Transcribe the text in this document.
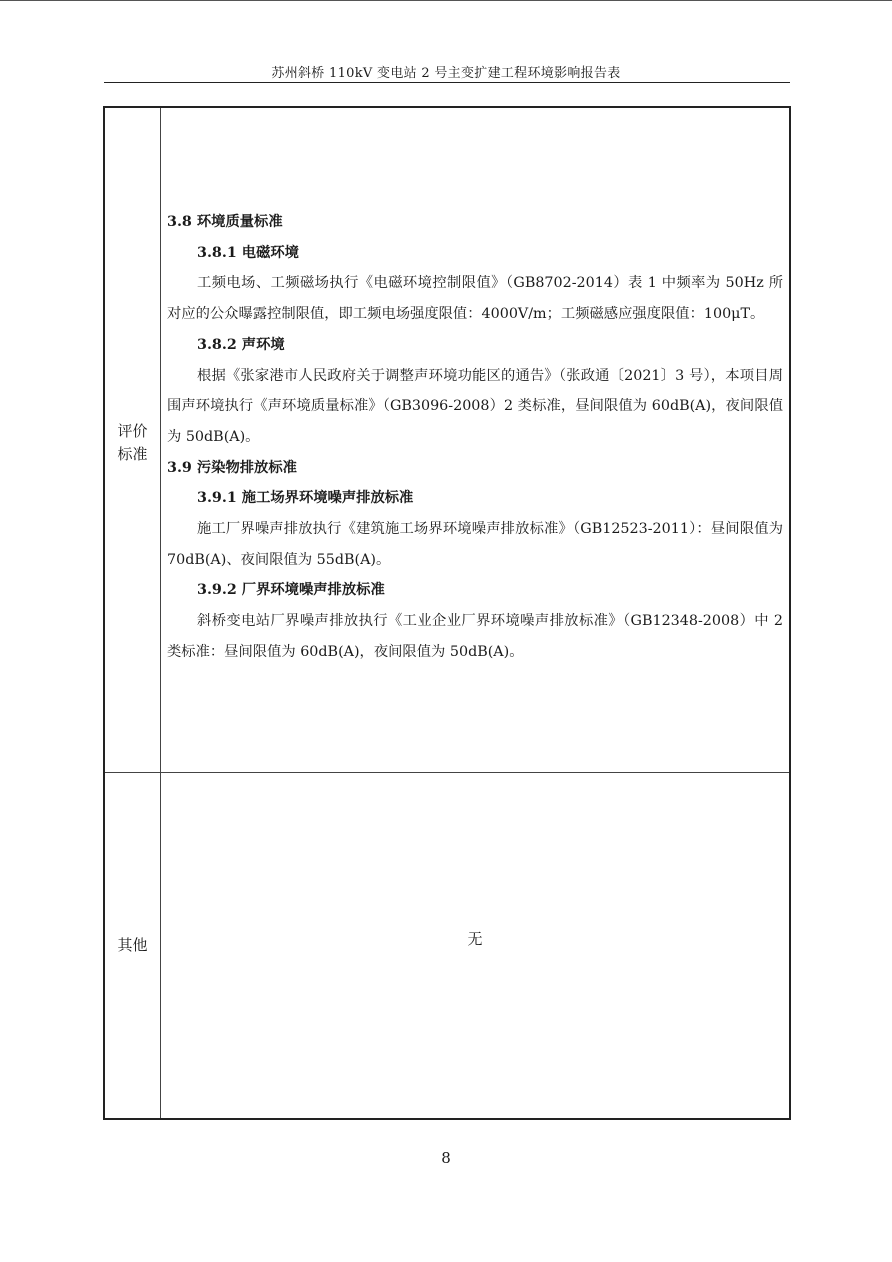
苏州斜桥 110kV 变电站 2 号主变扩建工程环境影响报告表
评价
标准

3.8 环境质量标准

3.8.1 电磁环境

工频电场、工频磁场执行《电磁环境控制限值》（GB8702-2014）表 1 中频率为 50Hz 所对应的公众曝露控制限值，即工频电场强度限值：4000V/m；工频磁感应强度限值：100μT。

3.8.2 声环境

根据《张家港市人民政府关于调整声环境功能区的通告》（张政通〔2021〕3 号），本项目周围声环境执行《声环境质量标准》（GB3096-2008）2 类标准，昼间限值为 60dB(A)，夜间限值为 50dB(A)。

3.9 污染物排放标准

3.9.1 施工场界环境噪声排放标准

施工厂界噪声排放执行《建筑施工场界环境噪声排放标准》（GB12523-2011）：昼间限值为 70dB(A)、夜间限值为 55dB(A)。

3.9.2 厂界环境噪声排放标准

斜桥变电站厂界噪声排放执行《工业企业厂界环境噪声排放标准》（GB12348-2008）中 2 类标准：昼间限值为 60dB(A)，夜间限值为 50dB(A)。

其他	无
8
